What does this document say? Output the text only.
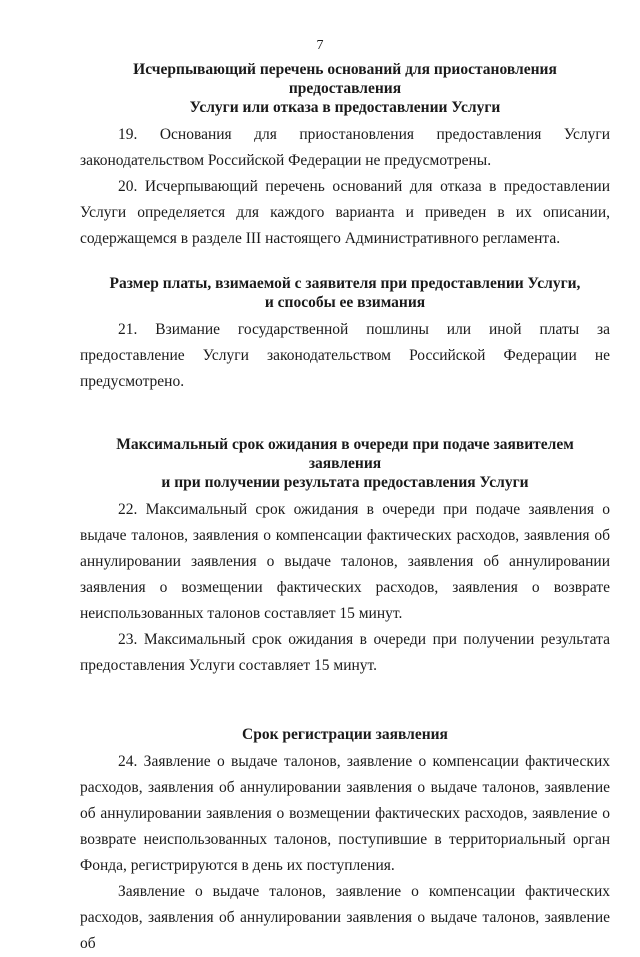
7
Исчерпывающий перечень оснований для приостановления предоставления
Услуги или отказа в предоставлении Услуги

19. Основания для приостановления предоставления Услуги законодательством Российской Федерации не предусмотрены.

20. Исчерпывающий перечень оснований для отказа в предоставлении Услуги определяется для каждого варианта и приведен в их описании, содержащемся в разделе III настоящего Административного регламента.

Размер платы, взимаемой с заявителя при предоставлении Услуги,
и способы ее взимания

21. Взимание государственной пошлины или иной платы за предоставление Услуги законодательством Российской Федерации не предусмотрено.

Максимальный срок ожидания в очереди при подаче заявителем заявления
и при получении результата предоставления Услуги

22. Максимальный срок ожидания в очереди при подаче заявления о выдаче талонов, заявления о компенсации фактических расходов, заявления об аннулировании заявления о выдаче талонов, заявления об аннулировании заявления о возмещении фактических расходов, заявления о возврате неиспользованных талонов составляет 15 минут.

23. Максимальный срок ожидания в очереди при получении результата предоставления Услуги составляет 15 минут.

Срок регистрации заявления

24. Заявление о выдаче талонов, заявление о компенсации фактических расходов, заявления об аннулировании заявления о выдаче талонов, заявление об аннулировании заявления о возмещении фактических расходов, заявление о возврате неиспользованных талонов, поступившие в территориальный орган Фонда, регистрируются в день их поступления.

Заявление о выдаче талонов, заявление о компенсации фактических расходов, заявления об аннулировании заявления о выдаче талонов, заявление об
